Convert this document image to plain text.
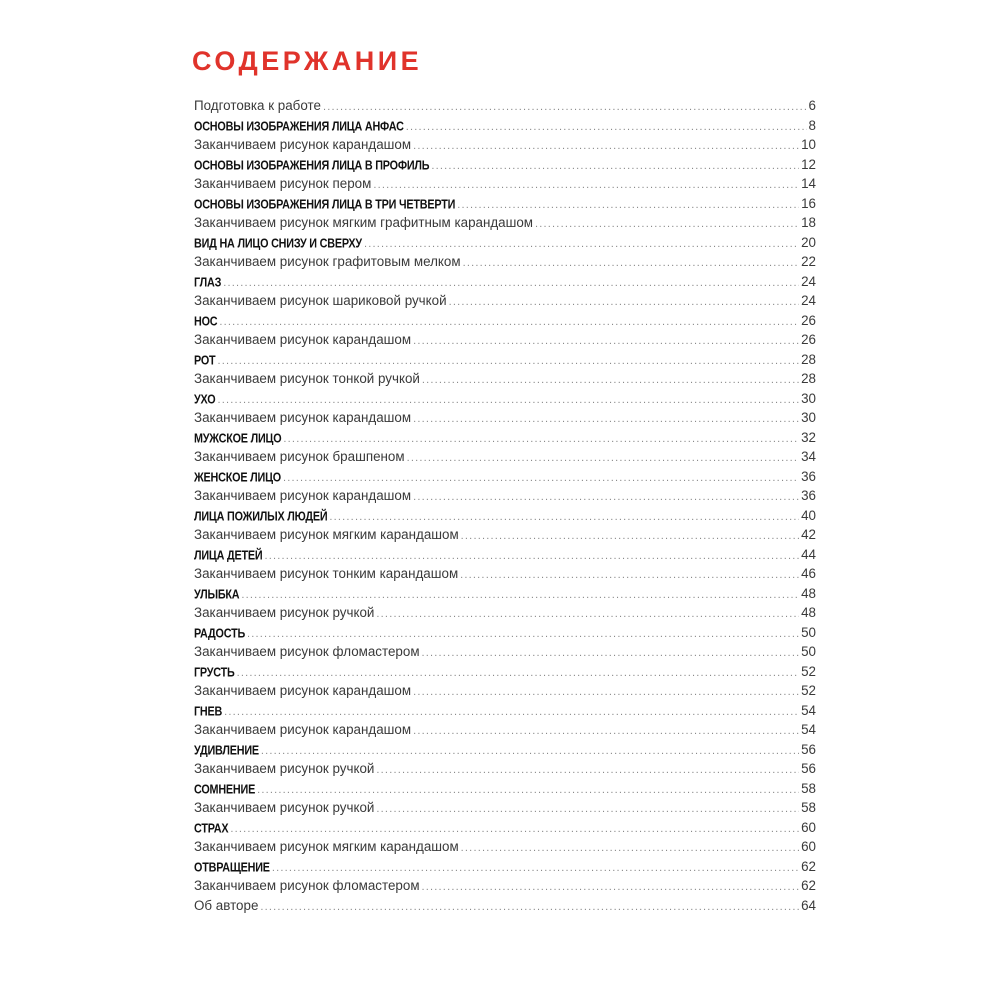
СОДЕРЖАНИЕ
Подготовка к работе .....	6
ОСНОВЫ ИЗОБРАЖЕНИЯ ЛИЦА АНФАС .....	8
Заканчиваем рисунок карандашом .....	10
ОСНОВЫ ИЗОБРАЖЕНИЯ ЛИЦА В ПРОФИЛЬ .....	12
Заканчиваем рисунок пером .....	14
ОСНОВЫ ИЗОБРАЖЕНИЯ ЛИЦА В ТРИ ЧЕТВЕРТИ .....	16
Заканчиваем рисунок мягким графитным карандашом .....	18
ВИД НА ЛИЦО СНИЗУ И СВЕРХУ .....	20
Заканчиваем рисунок графитовым мелком .....	22
ГЛАЗ .....	24
Заканчиваем рисунок шариковой ручкой .....	24
НОС .....	26
Заканчиваем рисунок карандашом .....	26
РОТ .....	28
Заканчиваем рисунок тонкой ручкой .....	28
УХО .....	30
Заканчиваем рисунок карандашом .....	30
МУЖСКОЕ ЛИЦО .....	32
Заканчиваем рисунок брашпеном .....	34
ЖЕНСКОЕ ЛИЦО .....	36
Заканчиваем рисунок карандашом .....	36
ЛИЦА ПОЖИЛЫХ ЛЮДЕЙ .....	40
Заканчиваем рисунок мягким карандашом .....	42
ЛИЦА ДЕТЕЙ .....	44
Заканчиваем рисунок тонким карандашом .....	46
УЛЫБКА .....	48
Заканчиваем рисунок ручкой .....	48
РАДОСТЬ .....	50
Заканчиваем рисунок фломастером .....	50
ГРУСТЬ .....	52
Заканчиваем рисунок карандашом .....	52
ГНЕВ .....	54
Заканчиваем рисунок карандашом .....	54
УДИВЛЕНИЕ .....	56
Заканчиваем рисунок ручкой .....	56
СОМНЕНИЕ .....	58
Заканчиваем рисунок ручкой .....	58
СТРАХ .....	60
Заканчиваем рисунок мягким карандашом .....	60
ОТВРАЩЕНИЕ .....	62
Заканчиваем рисунок фломастером .....	62
Об авторе .....	64
